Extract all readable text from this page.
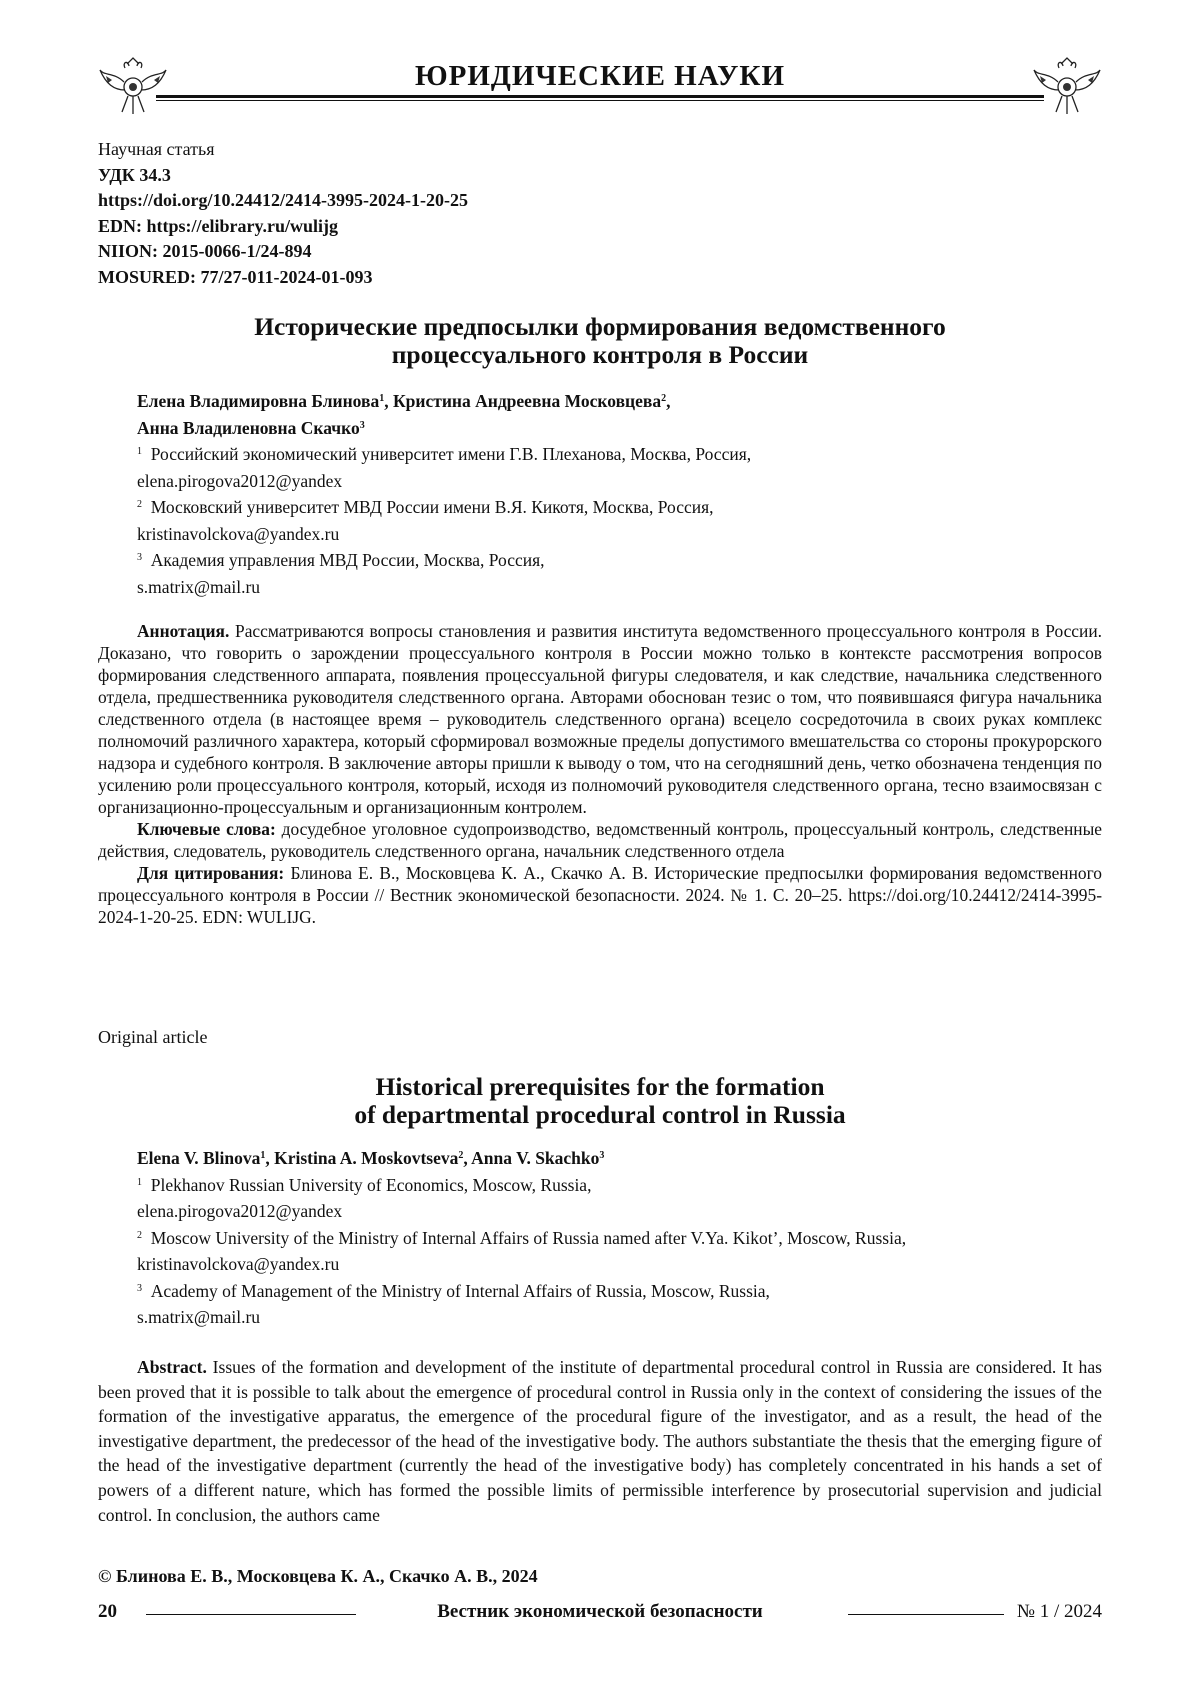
ЮРИДИЧЕСКИЕ НАУКИ
Научная статья
УДК 34.3
https://doi.org/10.24412/2414-3995-2024-1-20-25
EDN: https://elibrary.ru/wulijg
NIION: 2015-0066-1/24-894
MOSURED: 77/27-011-2024-01-093
Исторические предпосылки формирования ведомственного
процессуального контроля в России
Елена Владимировна Блинова$^1$, Кристина Андреевна Московцева$^2$,
Анна Владиленовна Скачко$^3$
$^1$ Российский экономический университет имени Г.В. Плеханова, Москва, Россия,
elena.pirogova2012@yandex
$^2$ Московский университет МВД России имени В.Я. Кикотя, Москва, Россия,
kristinavolckova@yandex.ru
$^3$ Академия управления МВД России, Москва, Россия,
s.matrix@mail.ru

Аннотация. Рассматриваются вопросы становления и развития института ведомственного процессуального контроля в России. Доказано, что говорить о зарождении процессуального контроля в России можно только в контексте рассмотрения вопросов формирования следственного аппарата, появления процессуальной фигуры следователя, и как следствие, начальника следственного отдела, предшественника руководителя следственного органа. Авторами обоснован тезис о том, что появившаяся фигура начальника следственного отдела (в настоящее время – руководитель следственного органа) всецело сосредоточила в своих руках комплекс полномочий различного характера, который сформировал возможные пределы допустимого вмешательства со стороны прокурорского надзора и судебного контроля. В заключение авторы пришли к выводу о том, что на сегодняшний день, четко обозначена тенденция по усилению роли процессуального контроля, который, исходя из полномочий руководителя следственного органа, тесно взаимосвязан с организационно-процессуальным и организационным контролем.

Ключевые слова: досудебное уголовное судопроизводство, ведомственный контроль, процессуальный контроль, следственные действия, следователь, руководитель следственного органа, начальник следственного отдела

Для цитирования: Блинова Е. В., Московцева К. А., Скачко А. В. Исторические предпосылки формирования ведомственного процессуального контроля в России // Вестник экономической безопасности. 2024. № 1. С. 20–25. https://doi.org/10.24412/2414-3995-2024-1-20-25. EDN: WULIJG.

Original article
Historical prerequisites for the formation
of departmental procedural control in Russia
Elena V. Blinova$^1$, Kristina A. Moskovtseva$^2$, Anna V. Skachko$^3$
$^1$ Plekhanov Russian University of Economics, Moscow, Russia,
elena.pirogova2012@yandex
$^2$ Moscow University of the Ministry of Internal Affairs of Russia named after V.Ya. Kikot’, Moscow, Russia,
kristinavolckova@yandex.ru
$^3$ Academy of Management of the Ministry of Internal Affairs of Russia, Moscow, Russia,
s.matrix@mail.ru

Abstract. Issues of the formation and development of the institute of departmental procedural control in Russia are considered. It has been proved that it is possible to talk about the emergence of procedural control in Russia only in the context of considering the issues of the formation of the investigative apparatus, the emergence of the procedural figure of the investigator, and as a result, the head of the investigative department, the predecessor of the head of the investigative body. The authors substantiate the thesis that the emerging figure of the head of the investigative department (currently the head of the investigative body) has completely concentrated in his hands a set of powers of a different nature, which has formed the possible limits of permissible interference by prosecutorial supervision and judicial control. In conclusion, the authors came

© Блинова Е. В., Московцева К. А., Скачко А. В., 2024
20	Вестник экономической безопасности	№ 1 / 2024
